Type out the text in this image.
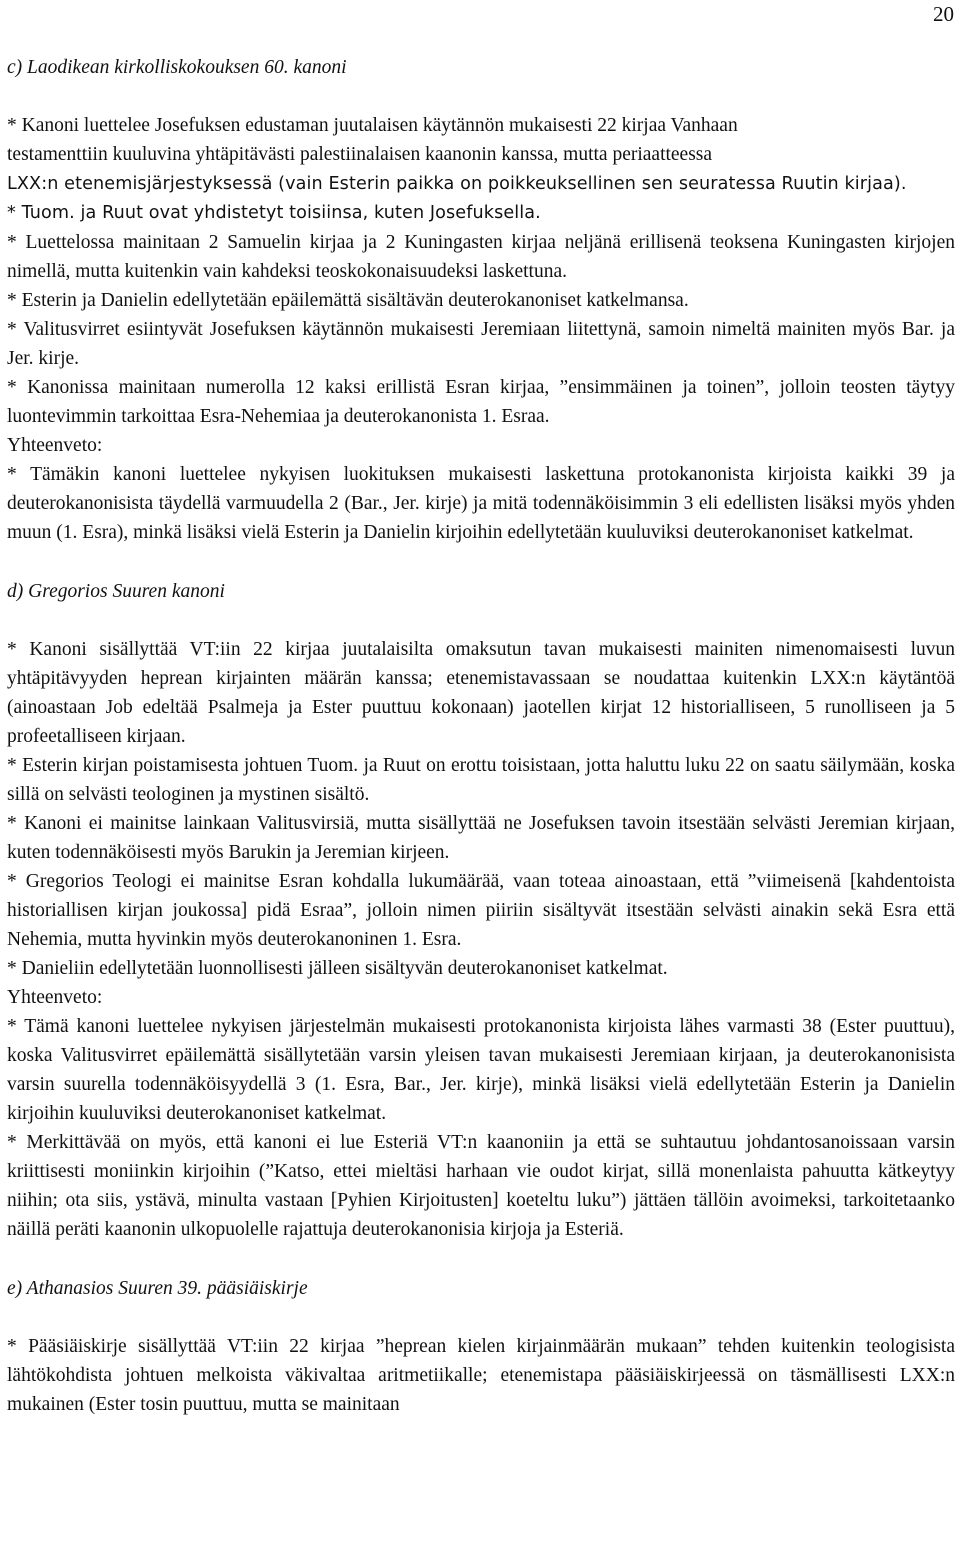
20

c) Laodikean kirkolliskokouksen 60. kanoni

* Kanoni luettelee Josefuksen edustaman juutalaisen käytännön mukaisesti 22 kirjaa Vanhaan
testamenttiin kuuluvina yhtäpitävästi palestiinalaisen kaanonin kanssa, mutta periaatteessa
LXX:n etenemisjärjestyksessä (vain Esterin paikka on poikkeuksellinen sen seuratessa Ruutin kirjaa).
* Tuom. ja Ruut ovat yhdistetyt toisiinsa, kuten Josefuksella.
* Luettelossa mainitaan 2 Samuelin kirjaa ja 2 Kuningasten kirjaa neljänä erillisenä teoksena Kuningasten kirjojen nimellä, mutta kuitenkin vain kahdeksi teoskokonaisuudeksi laskettuna.
* Esterin ja Danielin edellytetään epäilemättä sisältävän deuterokanoniset katkelmansa.
* Valitusvirret esiintyvät Josefuksen käytännön mukaisesti Jeremiaan liitettynä, samoin nimeltä mainiten myös Bar. ja Jer. kirje.
* Kanonissa mainitaan numerolla 12 kaksi erillistä Esran kirjaa, ”ensimmäinen ja toinen”, jolloin teosten täytyy luontevimmin tarkoittaa Esra-Nehemiaa ja deuterokanonista 1. Esraa.
Yhteenveto:
* Tämäkin kanoni luettelee nykyisen luokituksen mukaisesti laskettuna protokanonista kirjoista kaikki 39 ja deuterokanonisista täydellä varmuudella 2 (Bar., Jer. kirje) ja mitä todennäköisimmin 3 eli edellisten lisäksi myös yhden muun (1. Esra), minkä lisäksi vielä Esterin ja Danielin kirjoihin edellytetään kuuluviksi deuterokanoniset katkelmat.

d) Gregorios Suuren kanoni

* Kanoni sisällyttää VT:iin 22 kirjaa juutalaisilta omaksutun tavan mukaisesti mainiten nimenomaisesti luvun yhtäpitävyyden heprean kirjainten määrän kanssa; etenemistavassaan se noudattaa kuitenkin LXX:n käytäntöä (ainoastaan Job edeltää Psalmeja ja Ester puuttuu kokonaan) jaotellen kirjat 12 historialliseen, 5 runolliseen ja 5 profeetalliseen kirjaan.
* Esterin kirjan poistamisesta johtuen Tuom. ja Ruut on erottu toisistaan, jotta haluttu luku 22 on saatu säilymään, koska sillä on selvästi teologinen ja mystinen sisältö.
* Kanoni ei mainitse lainkaan Valitusvirsiä, mutta sisällyttää ne Josefuksen tavoin itsestään selvästi Jeremian kirjaan, kuten todennäköisesti myös Barukin ja Jeremian kirjeen.
* Gregorios Teologi ei mainitse Esran kohdalla lukumäärää, vaan toteaa ainoastaan, että ”viimeisenä [kahdentoista historiallisen kirjan joukossa] pidä Esraa”, jolloin nimen piiriin sisältyvät itsestään selvästi ainakin sekä Esra että Nehemia, mutta hyvinkin myös deuterokanoninen 1. Esra.
* Danieliin edellytetään luonnollisesti jälleen sisältyvän deuterokanoniset katkelmat.
Yhteenveto:
* Tämä kanoni luettelee nykyisen järjestelmän mukaisesti protokanonista kirjoista lähes varmasti 38 (Ester puuttuu), koska Valitusvirret epäilemättä sisällytetään varsin yleisen tavan mukaisesti Jeremiaan kirjaan, ja deuterokanonisista varsin suurella todennäköisyydellä 3 (1. Esra, Bar., Jer. kirje), minkä lisäksi vielä edellytetään Esterin ja Danielin kirjoihin kuuluviksi deuterokanoniset katkelmat.
* Merkittävää on myös, että kanoni ei lue Esteriä VT:n kaanoniin ja että se suhtautuu johdantosanoissaan varsin kriittisesti moniinkin kirjoihin (”Katso, ettei mieltäsi harhaan vie oudot kirjat, sillä monenlaista pahuutta kätkeytyy niihin; ota siis, ystävä, minulta vastaan [Pyhien Kirjoitusten] koeteltu luku”) jättäen tällöin avoimeksi, tarkoitetaanko näillä peräti kaanonin ulkopuolelle rajattuja deuterokanonisia kirjoja ja Esteriä.

e) Athanasios Suuren 39. pääsiäiskirje

* Pääsiäiskirje sisällyttää VT:iin 22 kirjaa ”heprean kielen kirjainmäärän mukaan” tehden kuitenkin teologisista lähtökohdista johtuen melkoista väkivaltaa aritmetiikalle; etenemistapa pääsiäiskirjeessä on täsmällisesti LXX:n mukainen (Ester tosin puuttuu, mutta se mainitaan
